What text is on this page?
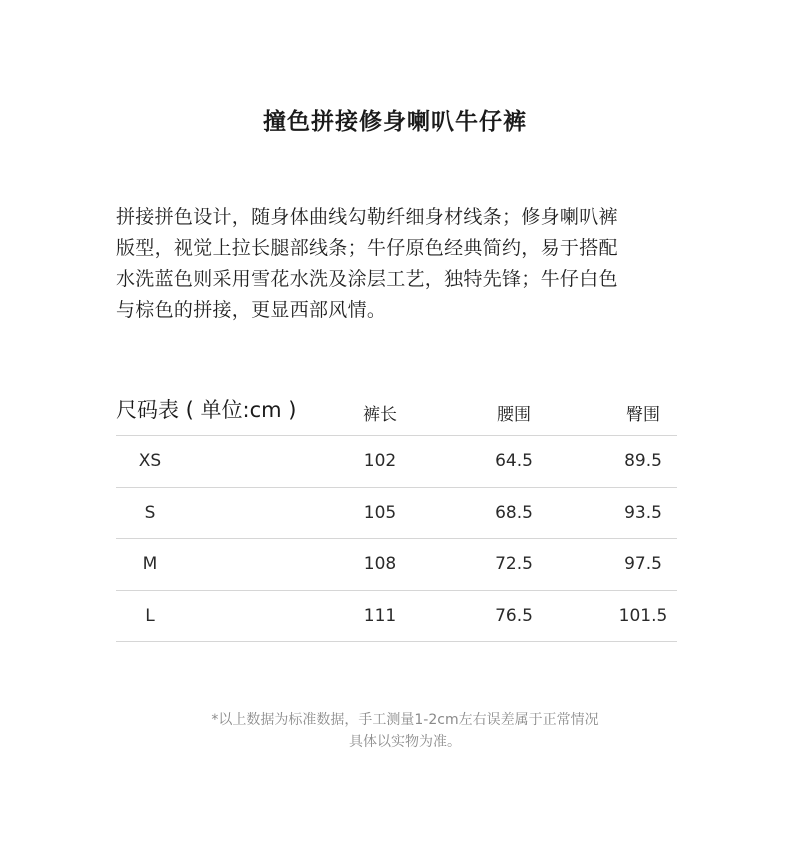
撞色拼接修身喇叭牛仔裤

拼接拼色设计，随身体曲线勾勒纤细身材线条；修身喇叭裤
版型，视觉上拉长腿部线条；牛仔原色经典简约，易于搭配
水洗蓝色则采用雪花水洗及涂层工艺，独特先锋；牛仔白色
与棕色的拼接，更显西部风情。

尺码表 ( 单位:cm )	裤长	腰围	臀围
XS	102	64.5	89.5
S	105	68.5	93.5
M	108	72.5	97.5
L	111	76.5	101.5
*以上数据为标准数据，手工测量1-2cm左右误差属于正常情况
具体以实物为准。
